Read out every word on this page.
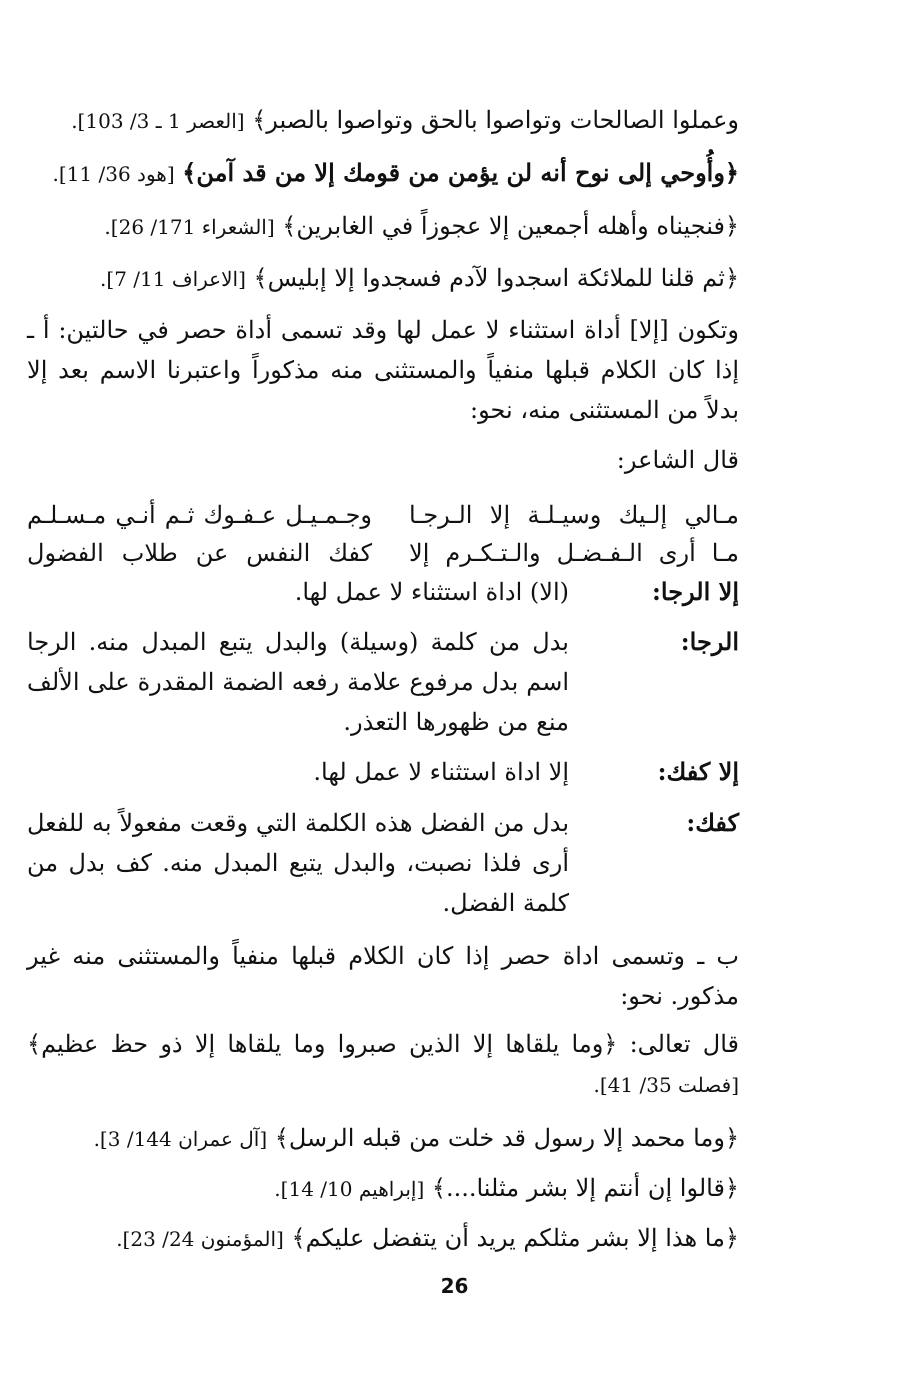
وعملوا الصالحات وتواصوا بالحق وتواصوا بالصبر﴾ [العصر 1 ـ 3/ 103].
﴿وأُوحي إلى نوح أنه لن يؤمن من قومك إلا من قد آمن﴾ [هود 36/ 11].
﴿فنجيناه وأهله أجمعين إلا عجوزاً في الغابرين﴾ [الشعراء 171/ 26].
﴿ثم قلنا للملائكة اسجدوا لآدم فسجدوا إلا إبليس﴾ [الاعراف 11/ 7].
وتكون [إلا] أداة استثناء لا عمل لها وقد تسمى أداة حصر في حالتين: أ ـ إذا كان الكلام قبلها منفياً والمستثنى منه مذكوراً واعتبرنا الاسم بعد إلا بدلاً من المستثنى منه، نحو:
قال الشاعر:
مـالي إلـيك وسيـلـة إلا الـرجـا
وجـمـيـل عـفـوك ثـم أنـي مـسـلـم
مـا أرى الـفـضـل والـتـكـرم إلا
كفك النفس عن طلاب الفضول
إلا الرجا:
(الا) اداة استثناء لا عمل لها.
الرجا:
بدل من كلمة (وسيلة) والبدل يتبع المبدل منه. الرجا اسم بدل مرفوع علامة رفعه الضمة المقدرة على الألف منع من ظهورها التعذر.
إلا كفك:
إلا اداة استثناء لا عمل لها.
كفك:
بدل من الفضل هذه الكلمة التي وقعت مفعولاً به للفعل أرى فلذا نصبت، والبدل يتبع المبدل منه. كف بدل من كلمة الفضل.
ب ـ وتسمى اداة حصر إذا كان الكلام قبلها منفياً والمستثنى منه غير مذكور. نحو:
قال تعالى: ﴿وما يلقاها إلا الذين صبروا وما يلقاها إلا ذو حظ عظيم﴾ [فصلت 35/ 41].
﴿وما محمد إلا رسول قد خلت من قبله الرسل﴾ [آل عمران 144/ 3].
﴿قالوا إن أنتم إلا بشر مثلنا....﴾ [إبراهيم 10/ 14].
﴿ما هذا إلا بشر مثلكم يريد أن يتفضل عليكم﴾ [المؤمنون 24/ 23].
26
